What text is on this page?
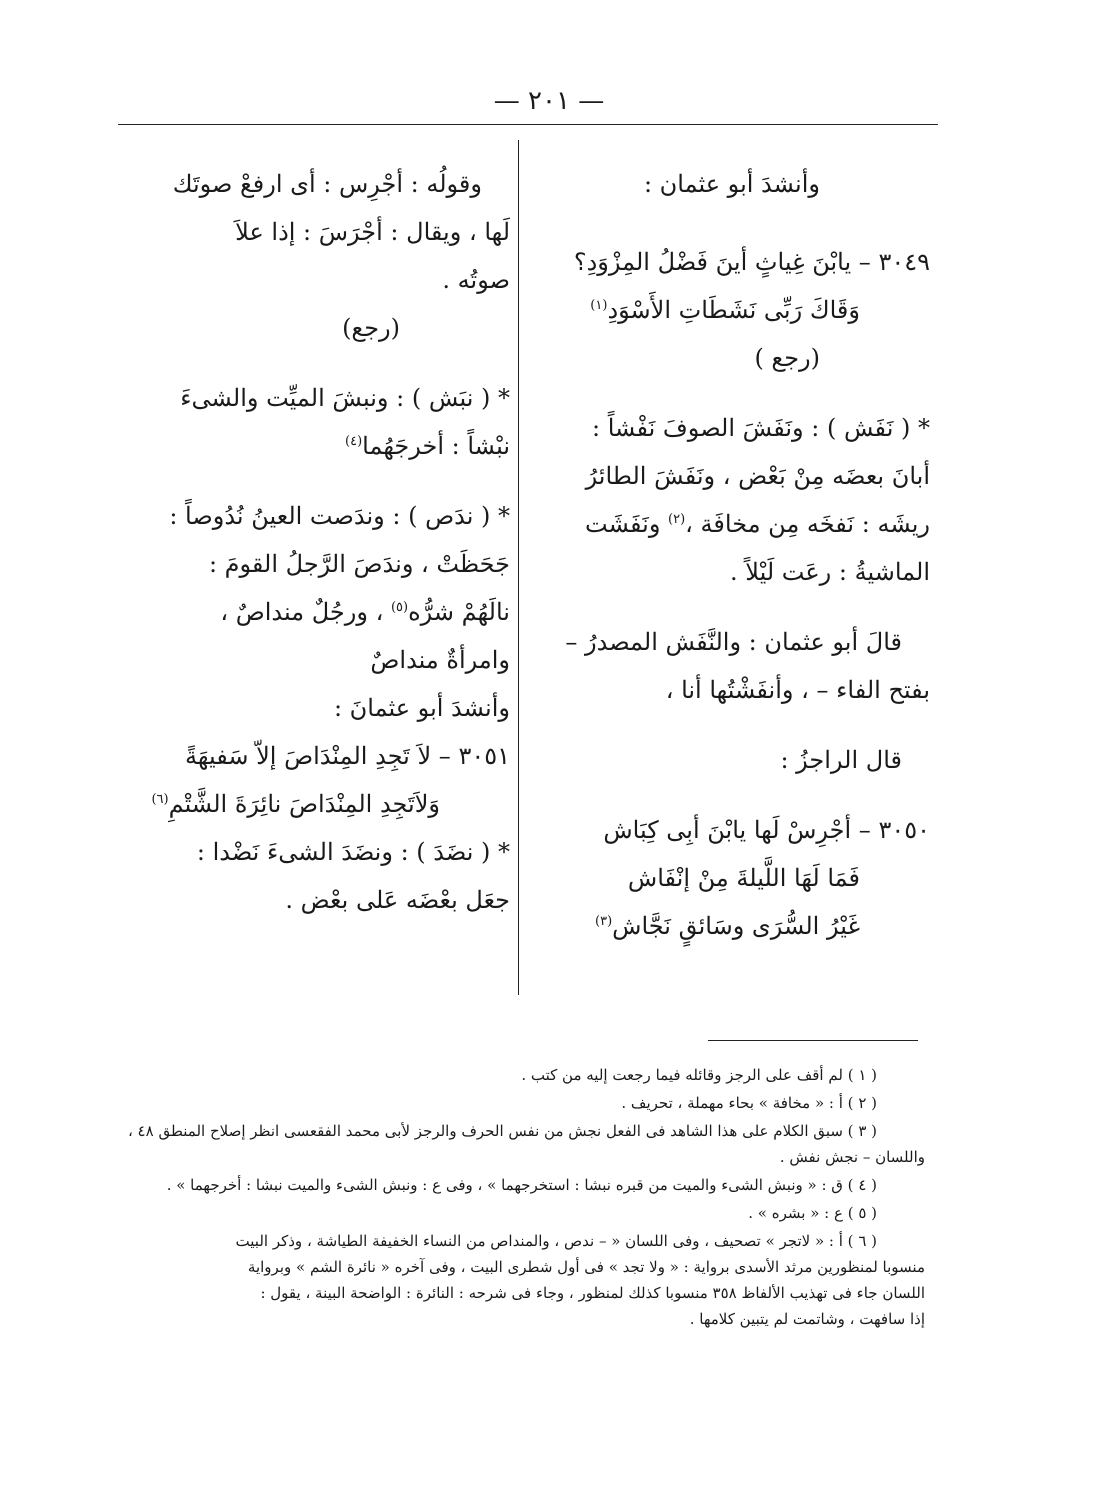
— ٢٠١ —
وأنشدَ أبو عثمان :
٣٠٤٩ – يابْنَ غِياثٍ أينَ فَضْلُ المِزْوَدِ؟
وَقَاكَ رَبِّى نَشَطَاتِ الأَسْوَدِ$^{(١)}$
(رجع )
* ( نَفَش ) : ونَفَشَ الصوفَ نَفْشاً :
أبانَ بعضَه مِنْ بَعْض ، ونَفَشَ الطائرُ
ريشَه : نَفخَه مِن مخافَة ،$^{(٢)}$ ونَفَشَت
الماشيةُ : رعَت لَيْلاً .
قالَ أبو عثمان : والنَّفَش المصدرُ –
بفتح الفاء – ، وأنفَشْتُها أنا ،
قال الراجزُ :
٣٠٥٠ – أجْرِسْ لَها يابْنَ أبِى كِبَاش
فَمَا لَهَا اللَّيلةَ مِنْ إنْفَاش
غَيْرُ السُّرَى وسَائقٍ نَجَّاش$^{(٣)}$
وقولُه : أجْرِس : أى ارفعْ صوتَك
لَها ، ويقال : أجْرَسَ : إذا علاَ
صوتُه .
(رجع)
* ( نبَش ) : ونبشَ الميِّت والشىءَ
نبْشاً : أخرجَهُما$^{(٤)}$
* ( ندَص ) : وندَصت العينُ نُدُوصاً :
جَحَظَتْ ، وندَصَ الرَّجلُ القومَ :
نالَهُمْ شرُّه$^{(٥)}$ ، ورجُلٌ منداصٌ ،
وامرأةٌ منداصٌ
وأنشدَ أبو عثمانَ :
٣٠٥١ – لاَ تَجِدِ المِنْدَاصَ إلاّ سَفيهَةً
وَلاَتَجِدِ المِنْدَاصَ نائِرَةَ الشَّتْمِ$^{(٦)}$
* ( نضَدَ ) : ونضَدَ الشىءَ نَضْدا :
جعَل بعْضَه عَلى بعْض .
( ١ ) لم أقف على الرجز وقائله فيما رجعت إليه من كتب .
( ٢ ) أ : « مخافة » بحاء مهملة ، تحريف .
( ٣ ) سبق الكلام على هذا الشاهد فى الفعل نجش من نفس الحرف والرجز لأبى محمد الفقعسى انظر إصلاح المنطق ٤٨ ،
واللسان – نجش نفش .
( ٤ ) ق : « ونبش الشىء والميت من قبره نبشا : استخرجهما » ، وفى ع : ونبش الشىء والميت نبشا : أخرجهما » .
( ٥ ) ع : « بشره » .
( ٦ ) أ : « لاتجر » تصحيف ، وفى اللسان « – ندص ، والمنداص من النساء الخفيفة الطياشة ، وذكر البيت
منسوبا لمنظورين مرثد الأسدى برواية : « ولا تجد » فى أول شطرى البيت ، وفى آخره « نائرة الشم » وبرواية
اللسان جاء فى تهذيب الألفاظ ٣٥٨ منسوبا كذلك لمنظور ، وجاء فى شرحه : النائرة : الواضحة البينة ، يقول :
إذا سافهت ، وشاتمت لم يتبين كلامها .
